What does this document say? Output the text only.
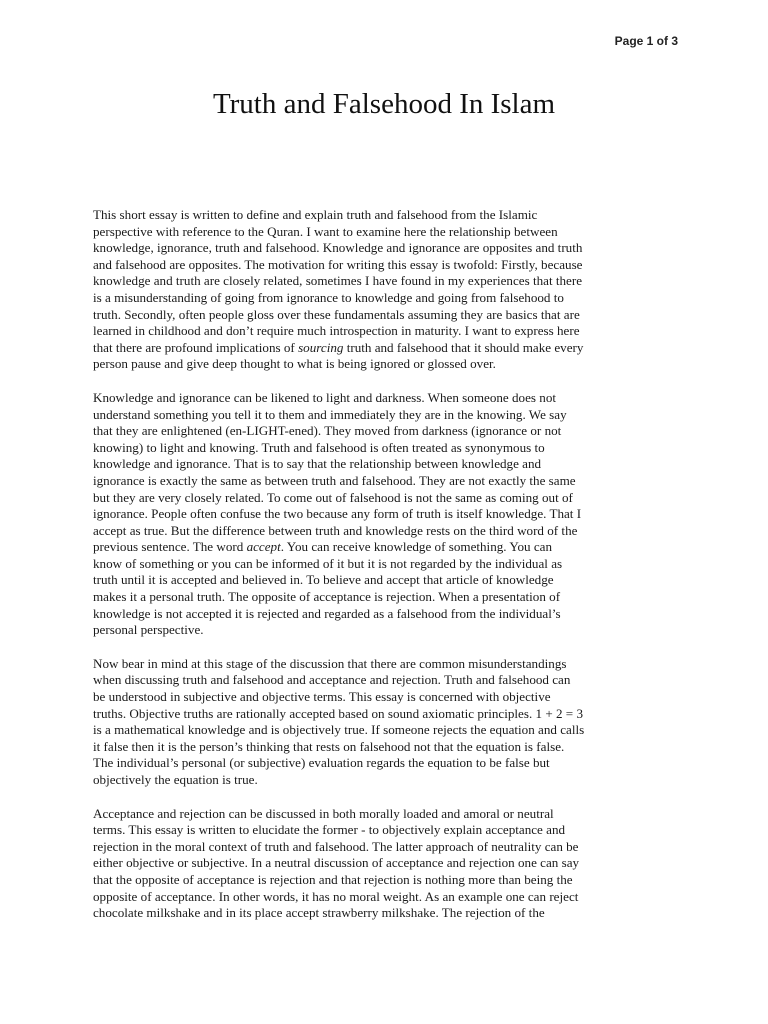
Page 1 of 3
Truth and Falsehood In Islam

This short essay is written to define and explain truth and falsehood from the Islamic
perspective with reference to the Quran. I want to examine here the relationship between
knowledge, ignorance, truth and falsehood. Knowledge and ignorance are opposites and truth
and falsehood are opposites. The motivation for writing this essay is twofold: Firstly, because
knowledge and truth are closely related, sometimes I have found in my experiences that there
is a misunderstanding of going from ignorance to knowledge and going from falsehood to
truth. Secondly, often people gloss over these fundamentals assuming they are basics that are
learned in childhood and don’t require much introspection in maturity. I want to express here
that there are profound implications of sourcing truth and falsehood that it should make every
person pause and give deep thought to what is being ignored or glossed over.

Knowledge and ignorance can be likened to light and darkness. When someone does not
understand something you tell it to them and immediately they are in the knowing. We say
that they are enlightened (en-LIGHT-ened). They moved from darkness (ignorance or not
knowing) to light and knowing. Truth and falsehood is often treated as synonymous to
knowledge and ignorance. That is to say that the relationship between knowledge and
ignorance is exactly the same as between truth and falsehood. They are not exactly the same
but they are very closely related. To come out of falsehood is not the same as coming out of
ignorance. People often confuse the two because any form of truth is itself knowledge. That I
accept as true. But the difference between truth and knowledge rests on the third word of the
previous sentence. The word accept. You can receive knowledge of something. You can
know of something or you can be informed of it but it is not regarded by the individual as
truth until it is accepted and believed in. To believe and accept that article of knowledge
makes it a personal truth. The opposite of acceptance is rejection. When a presentation of
knowledge is not accepted it is rejected and regarded as a falsehood from the individual’s
personal perspective.

Now bear in mind at this stage of the discussion that there are common misunderstandings
when discussing truth and falsehood and acceptance and rejection. Truth and falsehood can
be understood in subjective and objective terms. This essay is concerned with objective
truths. Objective truths are rationally accepted based on sound axiomatic principles. 1 + 2 = 3
is a mathematical knowledge and is objectively true. If someone rejects the equation and calls
it false then it is the person’s thinking that rests on falsehood not that the equation is false.
The individual’s personal (or subjective) evaluation regards the equation to be false but
objectively the equation is true.

Acceptance and rejection can be discussed in both morally loaded and amoral or neutral
terms. This essay is written to elucidate the former - to objectively explain acceptance and
rejection in the moral context of truth and falsehood. The latter approach of neutrality can be
either objective or subjective. In a neutral discussion of acceptance and rejection one can say
that the opposite of acceptance is rejection and that rejection is nothing more than being the
opposite of acceptance. In other words, it has no moral weight. As an example one can reject
chocolate milkshake and in its place accept strawberry milkshake. The rejection of the
